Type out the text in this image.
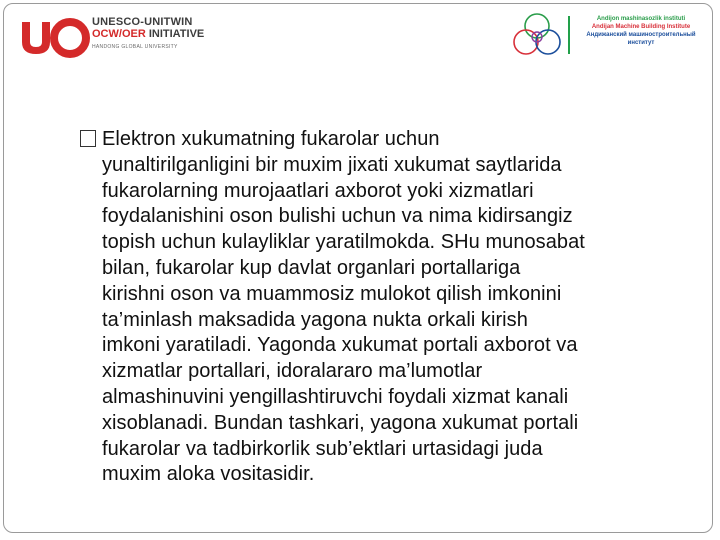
UNESCO-UNITWIN
OCW/OER INITIATIVE
HANDONG GLOBAL UNIVERSITY
Andijon mashinasozlik instituti
Andijan Machine Building Institute
Андижанский машиностроительный
институт
Elektron xukumatning fukarolar uchun
yunaltirilganligini bir muxim jixati xukumat saytlarida
fukarolarning murojaatlari axborot yoki xizmatlari
foydalanishini oson bulishi uchun va nima kidirsangiz
topish uchun kulayliklar yaratilmokda. SHu munosabat
bilan, fukarolar kup davlat organlari portallariga
kirishni oson va muammosiz mulokot qilish imkonini
ta’minlash maksadida yagona nukta orkali kirish
imkoni yaratiladi. Yagonda xukumat portali axborot va
xizmatlar portallari, idoralararo ma’lumotlar
almashinuvini yengillashtiruvchi foydali xizmat kanali
xisoblanadi. Bundan tashkari, yagona xukumat portali
fukarolar va tadbirkorlik sub’ektlari urtasidagi juda
muxim aloka vositasidir.
